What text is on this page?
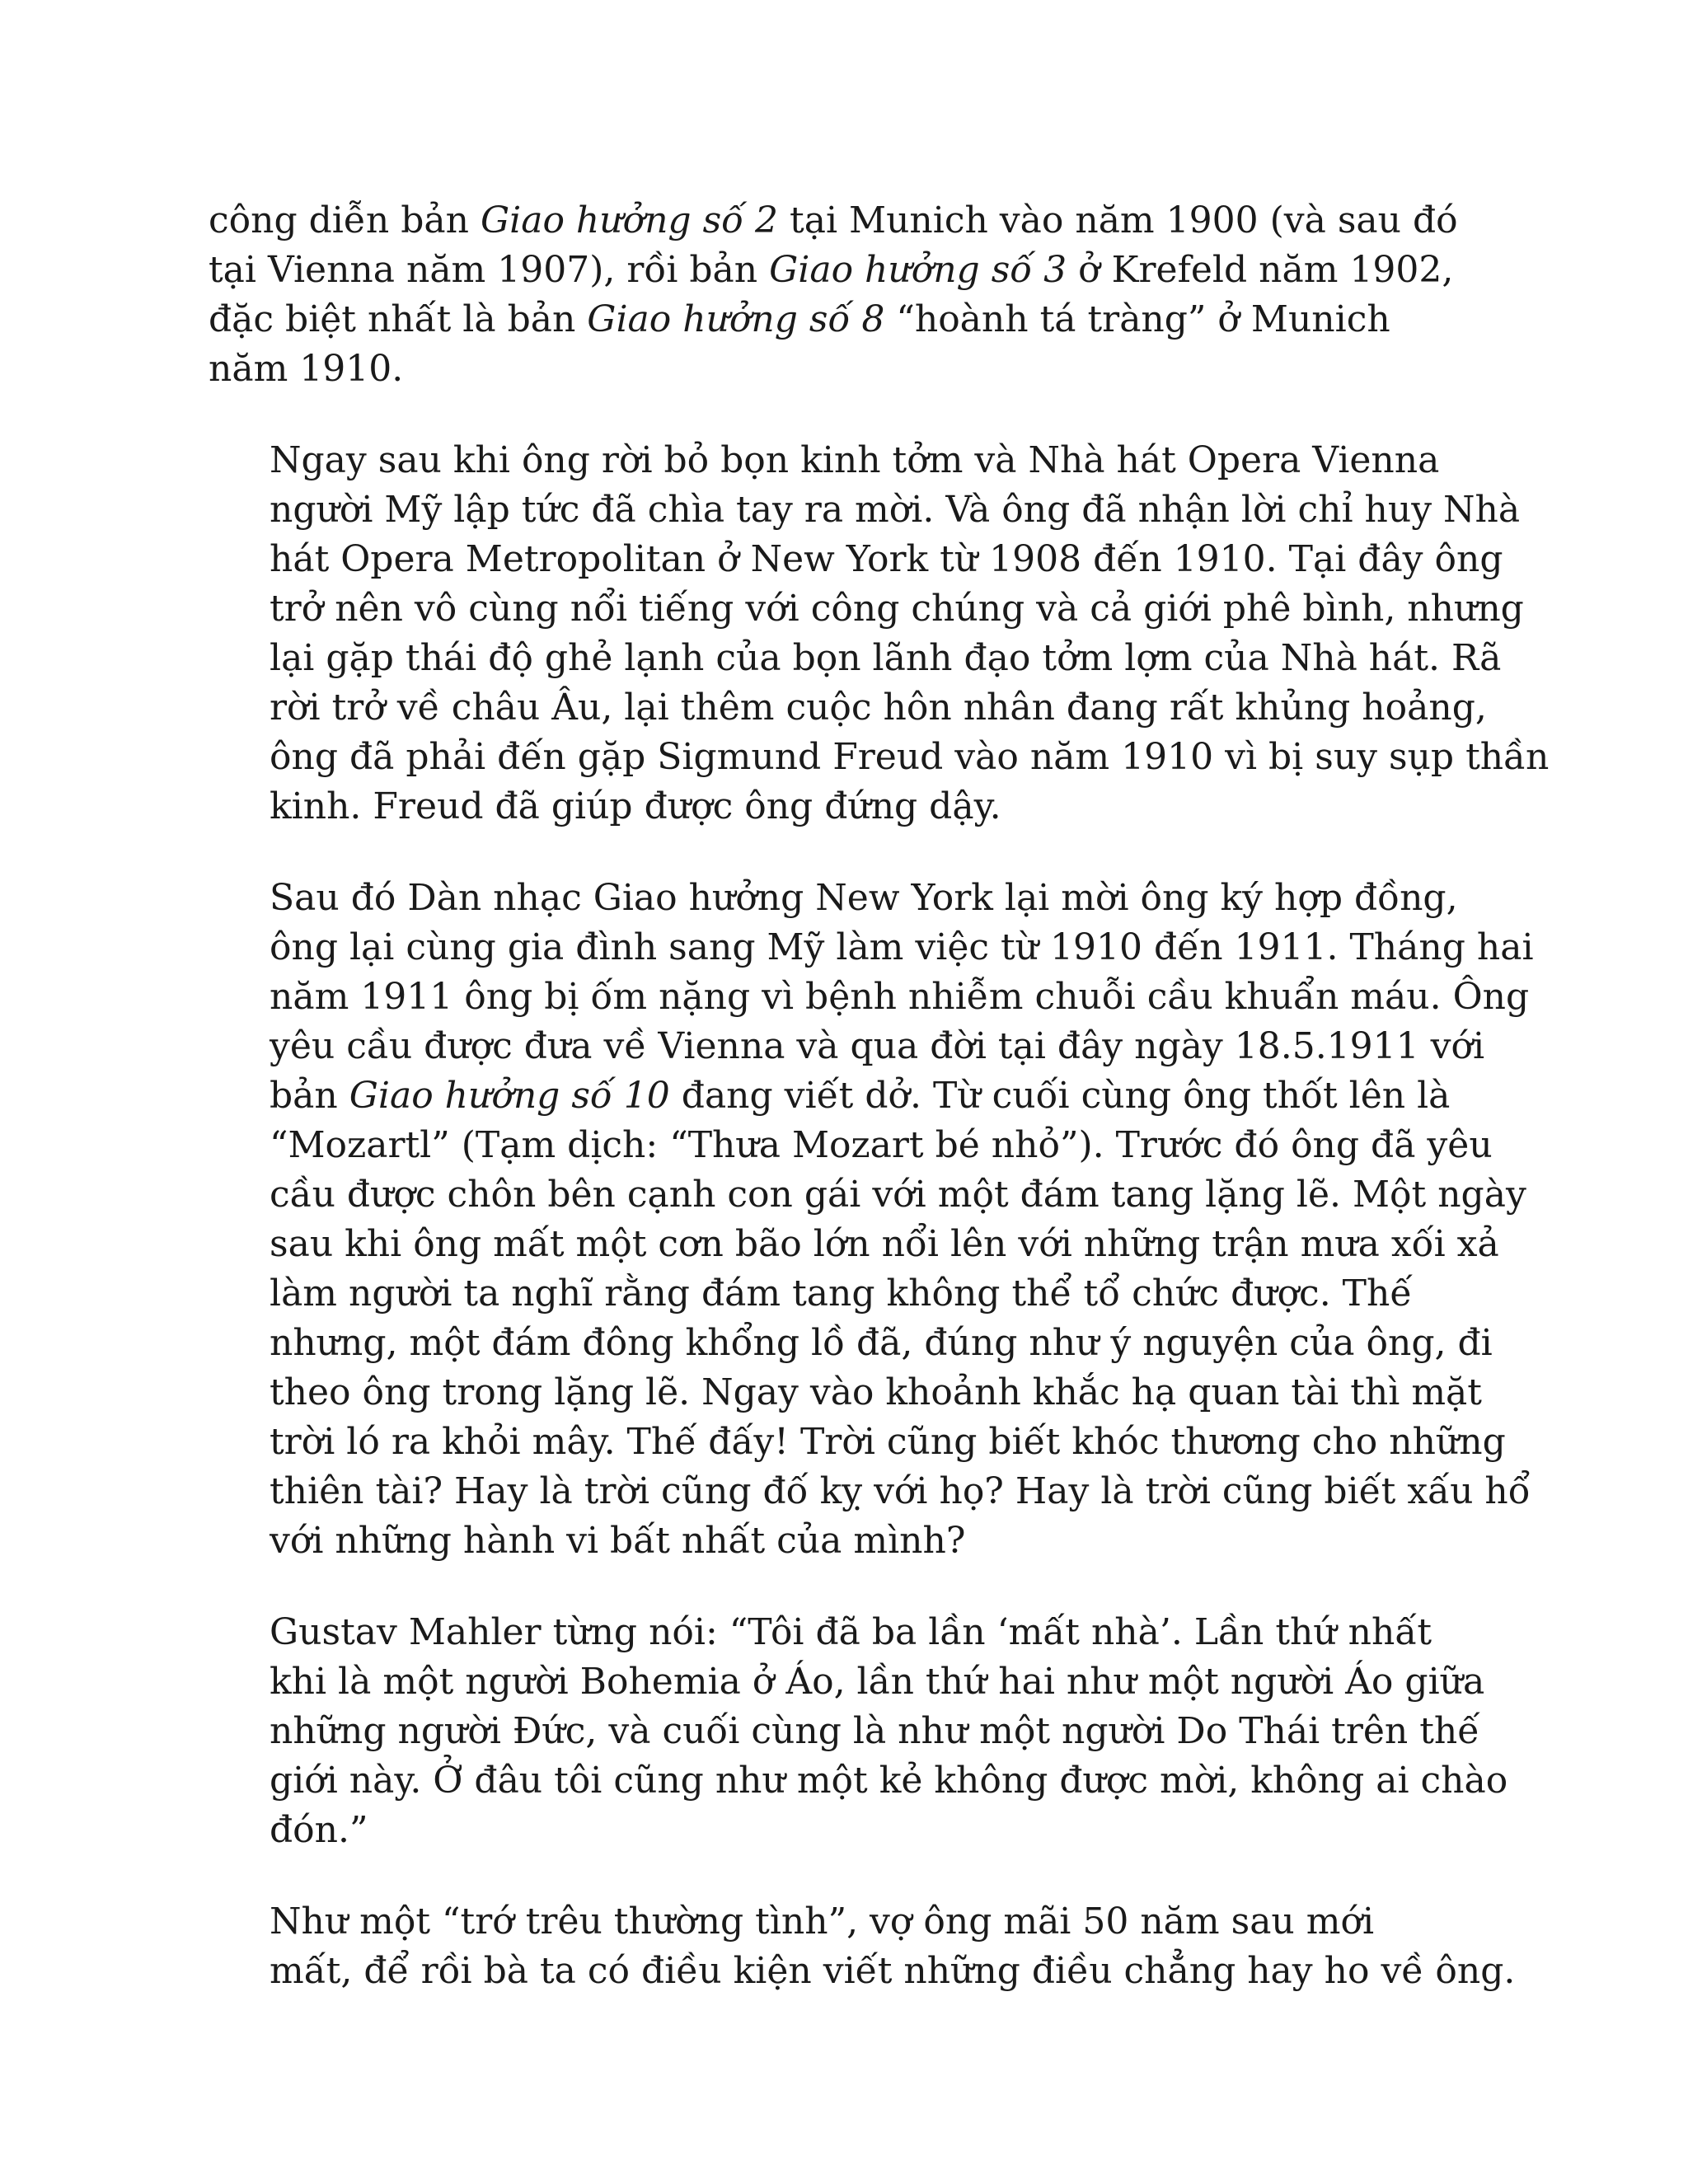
công diễn bản Giao hưởng số 2 tại Munich vào năm 1900 (và sau đó
tại Vienna năm 1907), rồi bản Giao hưởng số 3 ở Krefeld năm 1902,
đặc biệt nhất là bản Giao hưởng số 8 “hoành tá tràng” ở Munich
năm 1910.

Ngay sau khi ông rời bỏ bọn kinh tởm và Nhà hát Opera Vienna
người Mỹ lập tức đã chìa tay ra mời. Và ông đã nhận lời chỉ huy Nhà
hát Opera Metropolitan ở New York từ 1908 đến 1910. Tại đây ông
trở nên vô cùng nổi tiếng với công chúng và cả giới phê bình, nhưng
lại gặp thái độ ghẻ lạnh của bọn lãnh đạo tởm lợm của Nhà hát. Rã
rời trở về châu Âu, lại thêm cuộc hôn nhân đang rất khủng hoảng,
ông đã phải đến gặp Sigmund Freud vào năm 1910 vì bị suy sụp thần
kinh. Freud đã giúp được ông đứng dậy.

Sau đó Dàn nhạc Giao hưởng New York lại mời ông ký hợp đồng,
ông lại cùng gia đình sang Mỹ làm việc từ 1910 đến 1911. Tháng hai
năm 1911 ông bị ốm nặng vì bệnh nhiễm chuỗi cầu khuẩn máu. Ông
yêu cầu được đưa về Vienna và qua đời tại đây ngày 18.5.1911 với
bản Giao hưởng số 10 đang viết dở. Từ cuối cùng ông thốt lên là
“Mozartl” (Tạm dịch: “Thưa Mozart bé nhỏ”). Trước đó ông đã yêu
cầu được chôn bên cạnh con gái với một đám tang lặng lẽ. Một ngày
sau khi ông mất một cơn bão lớn nổi lên với những trận mưa xối xả
làm người ta nghĩ rằng đám tang không thể tổ chức được. Thế
nhưng, một đám đông khổng lồ đã, đúng như ý nguyện của ông, đi
theo ông trong lặng lẽ. Ngay vào khoảnh khắc hạ quan tài thì mặt
trời ló ra khỏi mây. Thế đấy! Trời cũng biết khóc thương cho những
thiên tài? Hay là trời cũng đố kỵ với họ? Hay là trời cũng biết xấu hổ
với những hành vi bất nhất của mình?

Gustav Mahler từng nói: “Tôi đã ba lần ‘mất nhà’. Lần thứ nhất
khi là một người Bohemia ở Áo, lần thứ hai như một người Áo giữa
những người Đức, và cuối cùng là như một người Do Thái trên thế
giới này. Ở đâu tôi cũng như một kẻ không được mời, không ai chào
đón.”

Như một “trớ trêu thường tình”, vợ ông mãi 50 năm sau mới
mất, để rồi bà ta có điều kiện viết những điều chẳng hay ho về ông.
